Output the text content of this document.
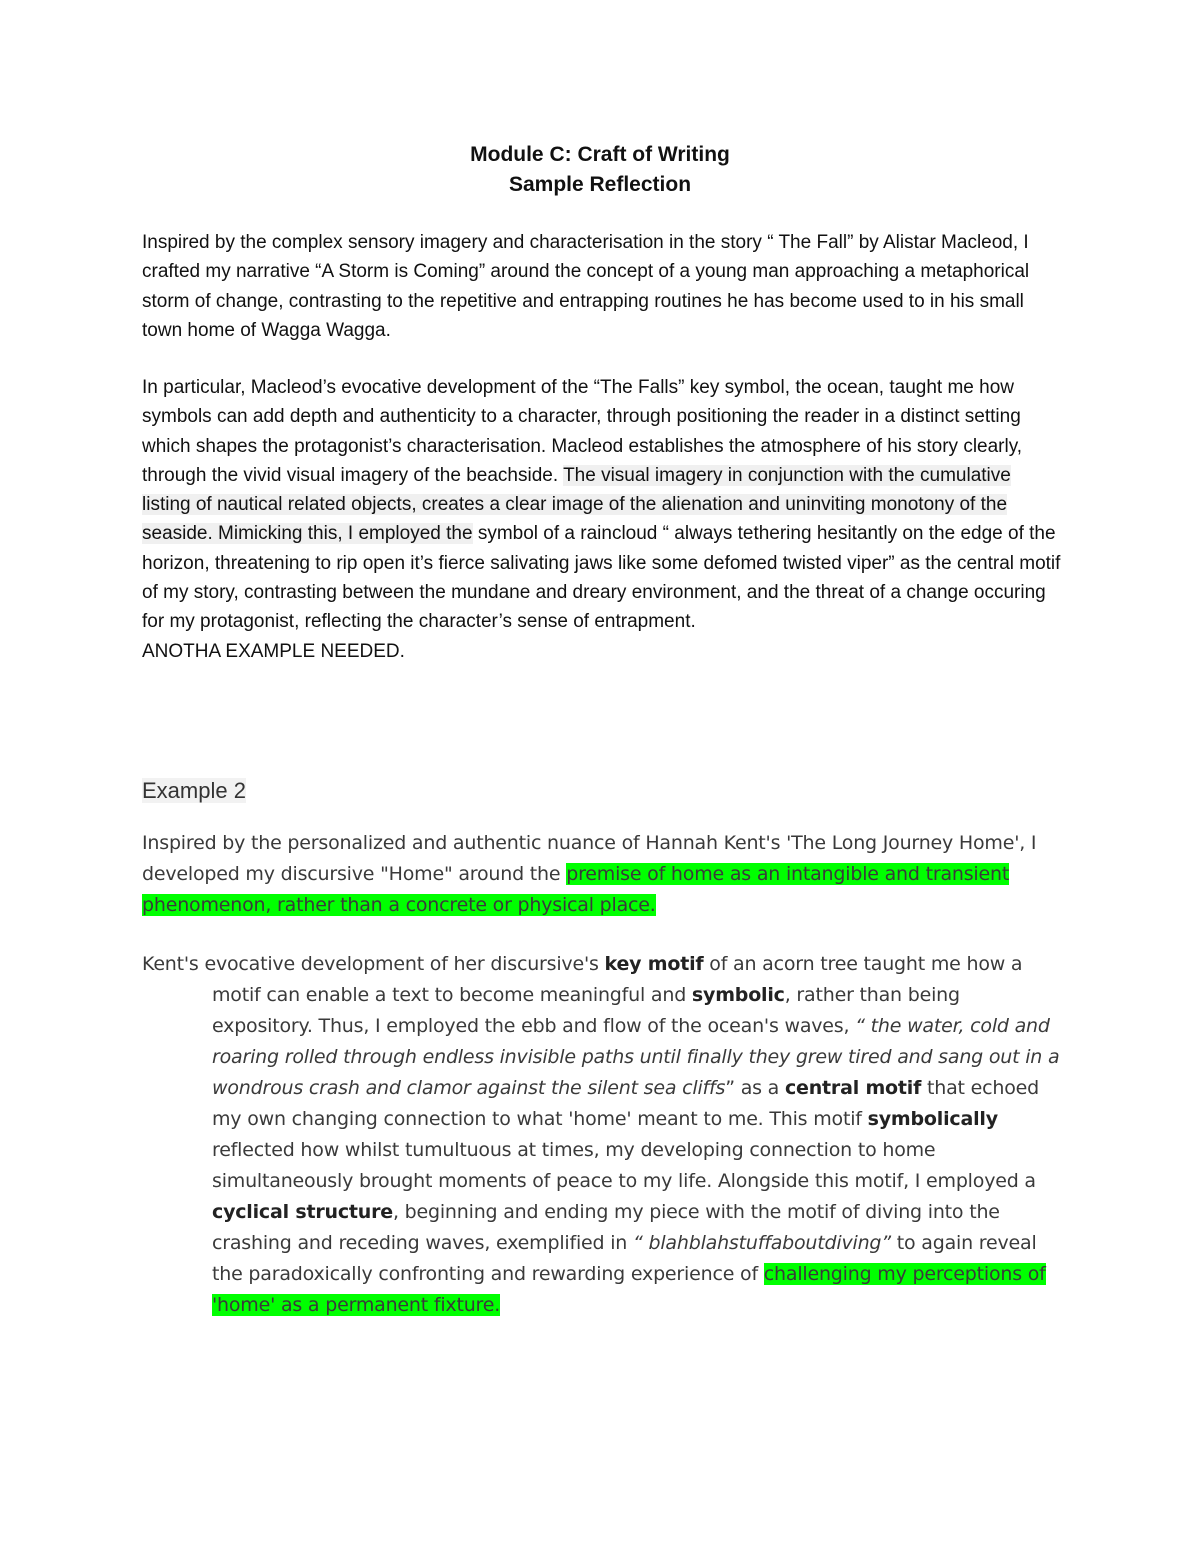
Module C: Craft of Writing
Sample Reflection

Inspired by the complex sensory imagery and characterisation in the story “ The Fall” by Alistar Macleod, I crafted my narrative “A Storm is Coming” around the concept of a young man approaching a metaphorical storm of change, contrasting to the repetitive and entrapping routines he has become used to in his small town home of Wagga Wagga.

In particular, Macleod’s evocative development of the “The Falls” key symbol, the ocean, taught me how symbols can add depth and authenticity to a character, through positioning the reader in a distinct setting which shapes the protagonist’s characterisation. Macleod establishes the atmosphere of his story clearly, through the vivid visual imagery of the beachside. The visual imagery in conjunction with the cumulative listing of nautical related objects, creates a clear image of the alienation and uninviting monotony of the seaside. Mimicking this, I employed the symbol of a raincloud “ always tethering hesitantly on the edge of the horizon, threatening to rip open it’s fierce salivating jaws like some defomed twisted viper” as the central motif of my story, contrasting between the mundane and dreary environment, and the threat of a change occuring for my protagonist, reflecting the character’s sense of entrapment.

ANOTHA EXAMPLE NEEDED.

Example 2

Inspired by the personalized and authentic nuance of Hannah Kent's 'The Long Journey Home', I developed my discursive "Home" around the premise of home as an intangible and transient phenomenon, rather than a concrete or physical place.

Kent's evocative development of her discursive's key motif of an acorn tree taught me how a motif can enable a text to become meaningful and symbolic, rather than being expository. Thus, I employed the ebb and flow of the ocean's waves, “ the water, cold and roaring rolled through endless invisible paths until finally they grew tired and sang out in a wondrous crash and clamor against the silent sea cliffs” as a central motif that echoed my own changing connection to what 'home' meant to me. This motif symbolically reflected how whilst tumultuous at times, my developing connection to home simultaneously brought moments of peace to my life. Alongside this motif, I employed a cyclical structure, beginning and ending my piece with the motif of diving into the crashing and receding waves, exemplified in “ blahblahstuffaboutdiving” to again reveal the paradoxically confronting and rewarding experience of challenging my perceptions of 'home' as a permanent fixture.
